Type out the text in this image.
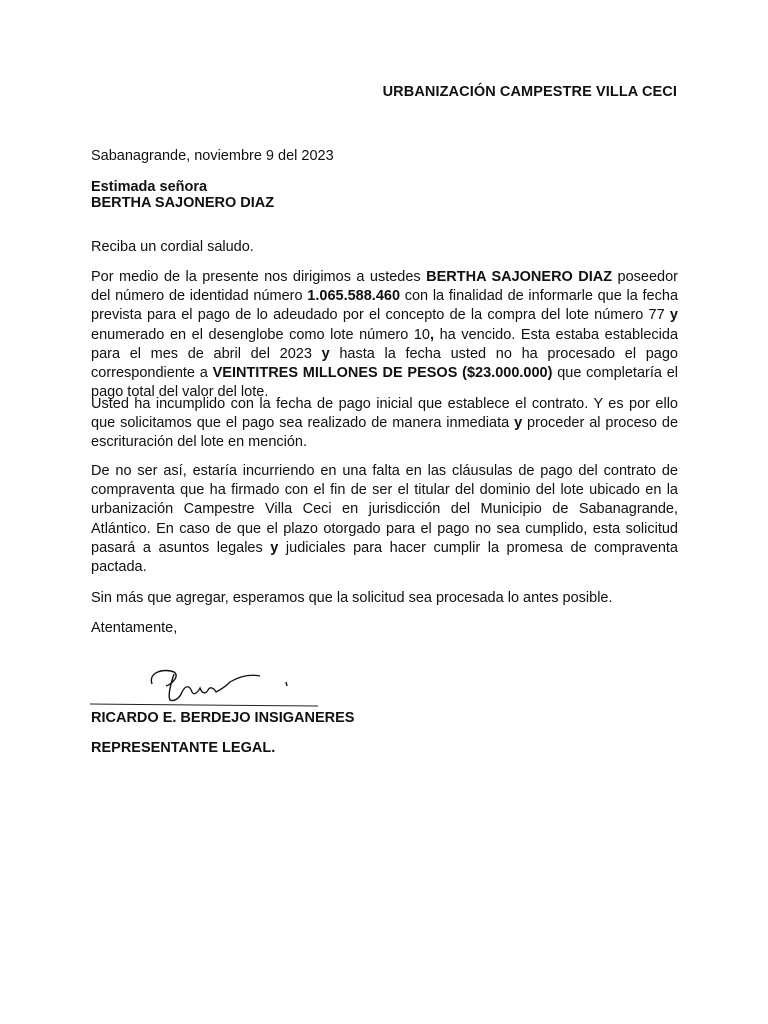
URBANIZACIÓN CAMPESTRE VILLA CECI

Sabanagrande, noviembre 9 del 2023

Estimada señora

BERTHA SAJONERO DIAZ

Reciba un cordial saludo.

Por medio de la presente nos dirigimos a ustedes BERTHA SAJONERO DIAZ poseedor del número de identidad número 1.065.588.460 con la finalidad de informarle que la fecha prevista para el pago de lo adeudado por el concepto de la compra del lote número 77 y enumerado en el desenglobe como lote número 10, ha vencido. Esta estaba establecida para el mes de abril del 2023 y hasta la fecha usted no ha procesado el pago correspondiente a VEINTITRES MILLONES DE PESOS ($23.000.000) que completaría el pago total del valor del lote.

Usted ha incumplido con la fecha de pago inicial que establece el contrato. Y es por ello que solicitamos que el pago sea realizado de manera inmediata y proceder al proceso de escrituración del lote en mención.

De no ser así, estaría incurriendo en una falta en las cláusulas de pago del contrato de compraventa que ha firmado con el fin de ser el titular del dominio del lote ubicado en la urbanización Campestre Villa Ceci en jurisdicción del Municipio de Sabanagrande, Atlántico. En caso de que el plazo otorgado para el pago no sea cumplido, esta solicitud pasará a asuntos legales y judiciales para hacer cumplir la promesa de compraventa pactada.

Sin más que agregar, esperamos que la solicitud sea procesada lo antes posible.

Atentamente,

RICARDO E. BERDEJO INSIGANERES

REPRESENTANTE LEGAL.
